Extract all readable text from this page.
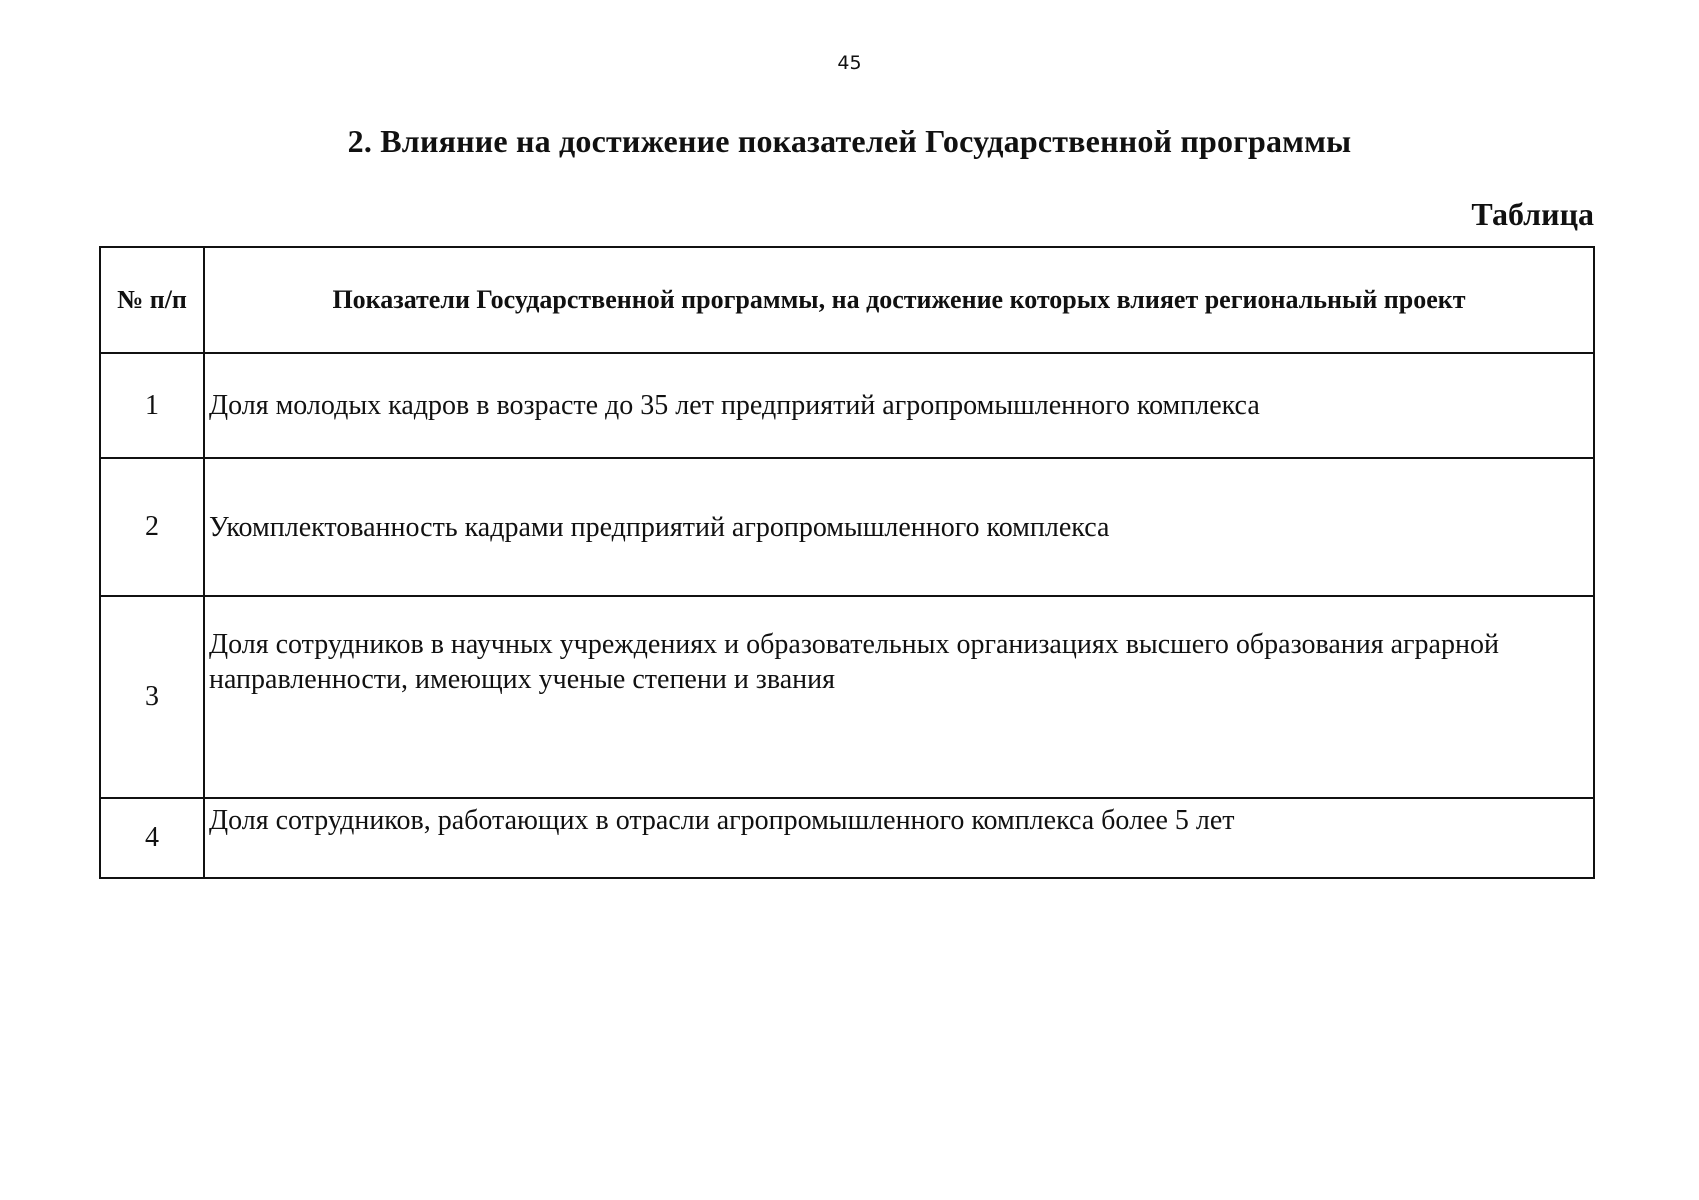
45
2. Влияние на достижение показателей Государственной программы
Таблица
№ п/п	Показатели Государственной программы, на достижение которых влияет региональный проект
1	Доля молодых кадров в возрасте до 35 лет предприятий агропромышленного комплекса
2	Укомплектованность кадрами предприятий агропромышленного комплекса
3	Доля сотрудников в научных учреждениях и образовательных организациях высшего образования аграрной направленности, имеющих ученые степени и звания
4	Доля сотрудников, работающих в отрасли агропромышленного комплекса более 5 лет
